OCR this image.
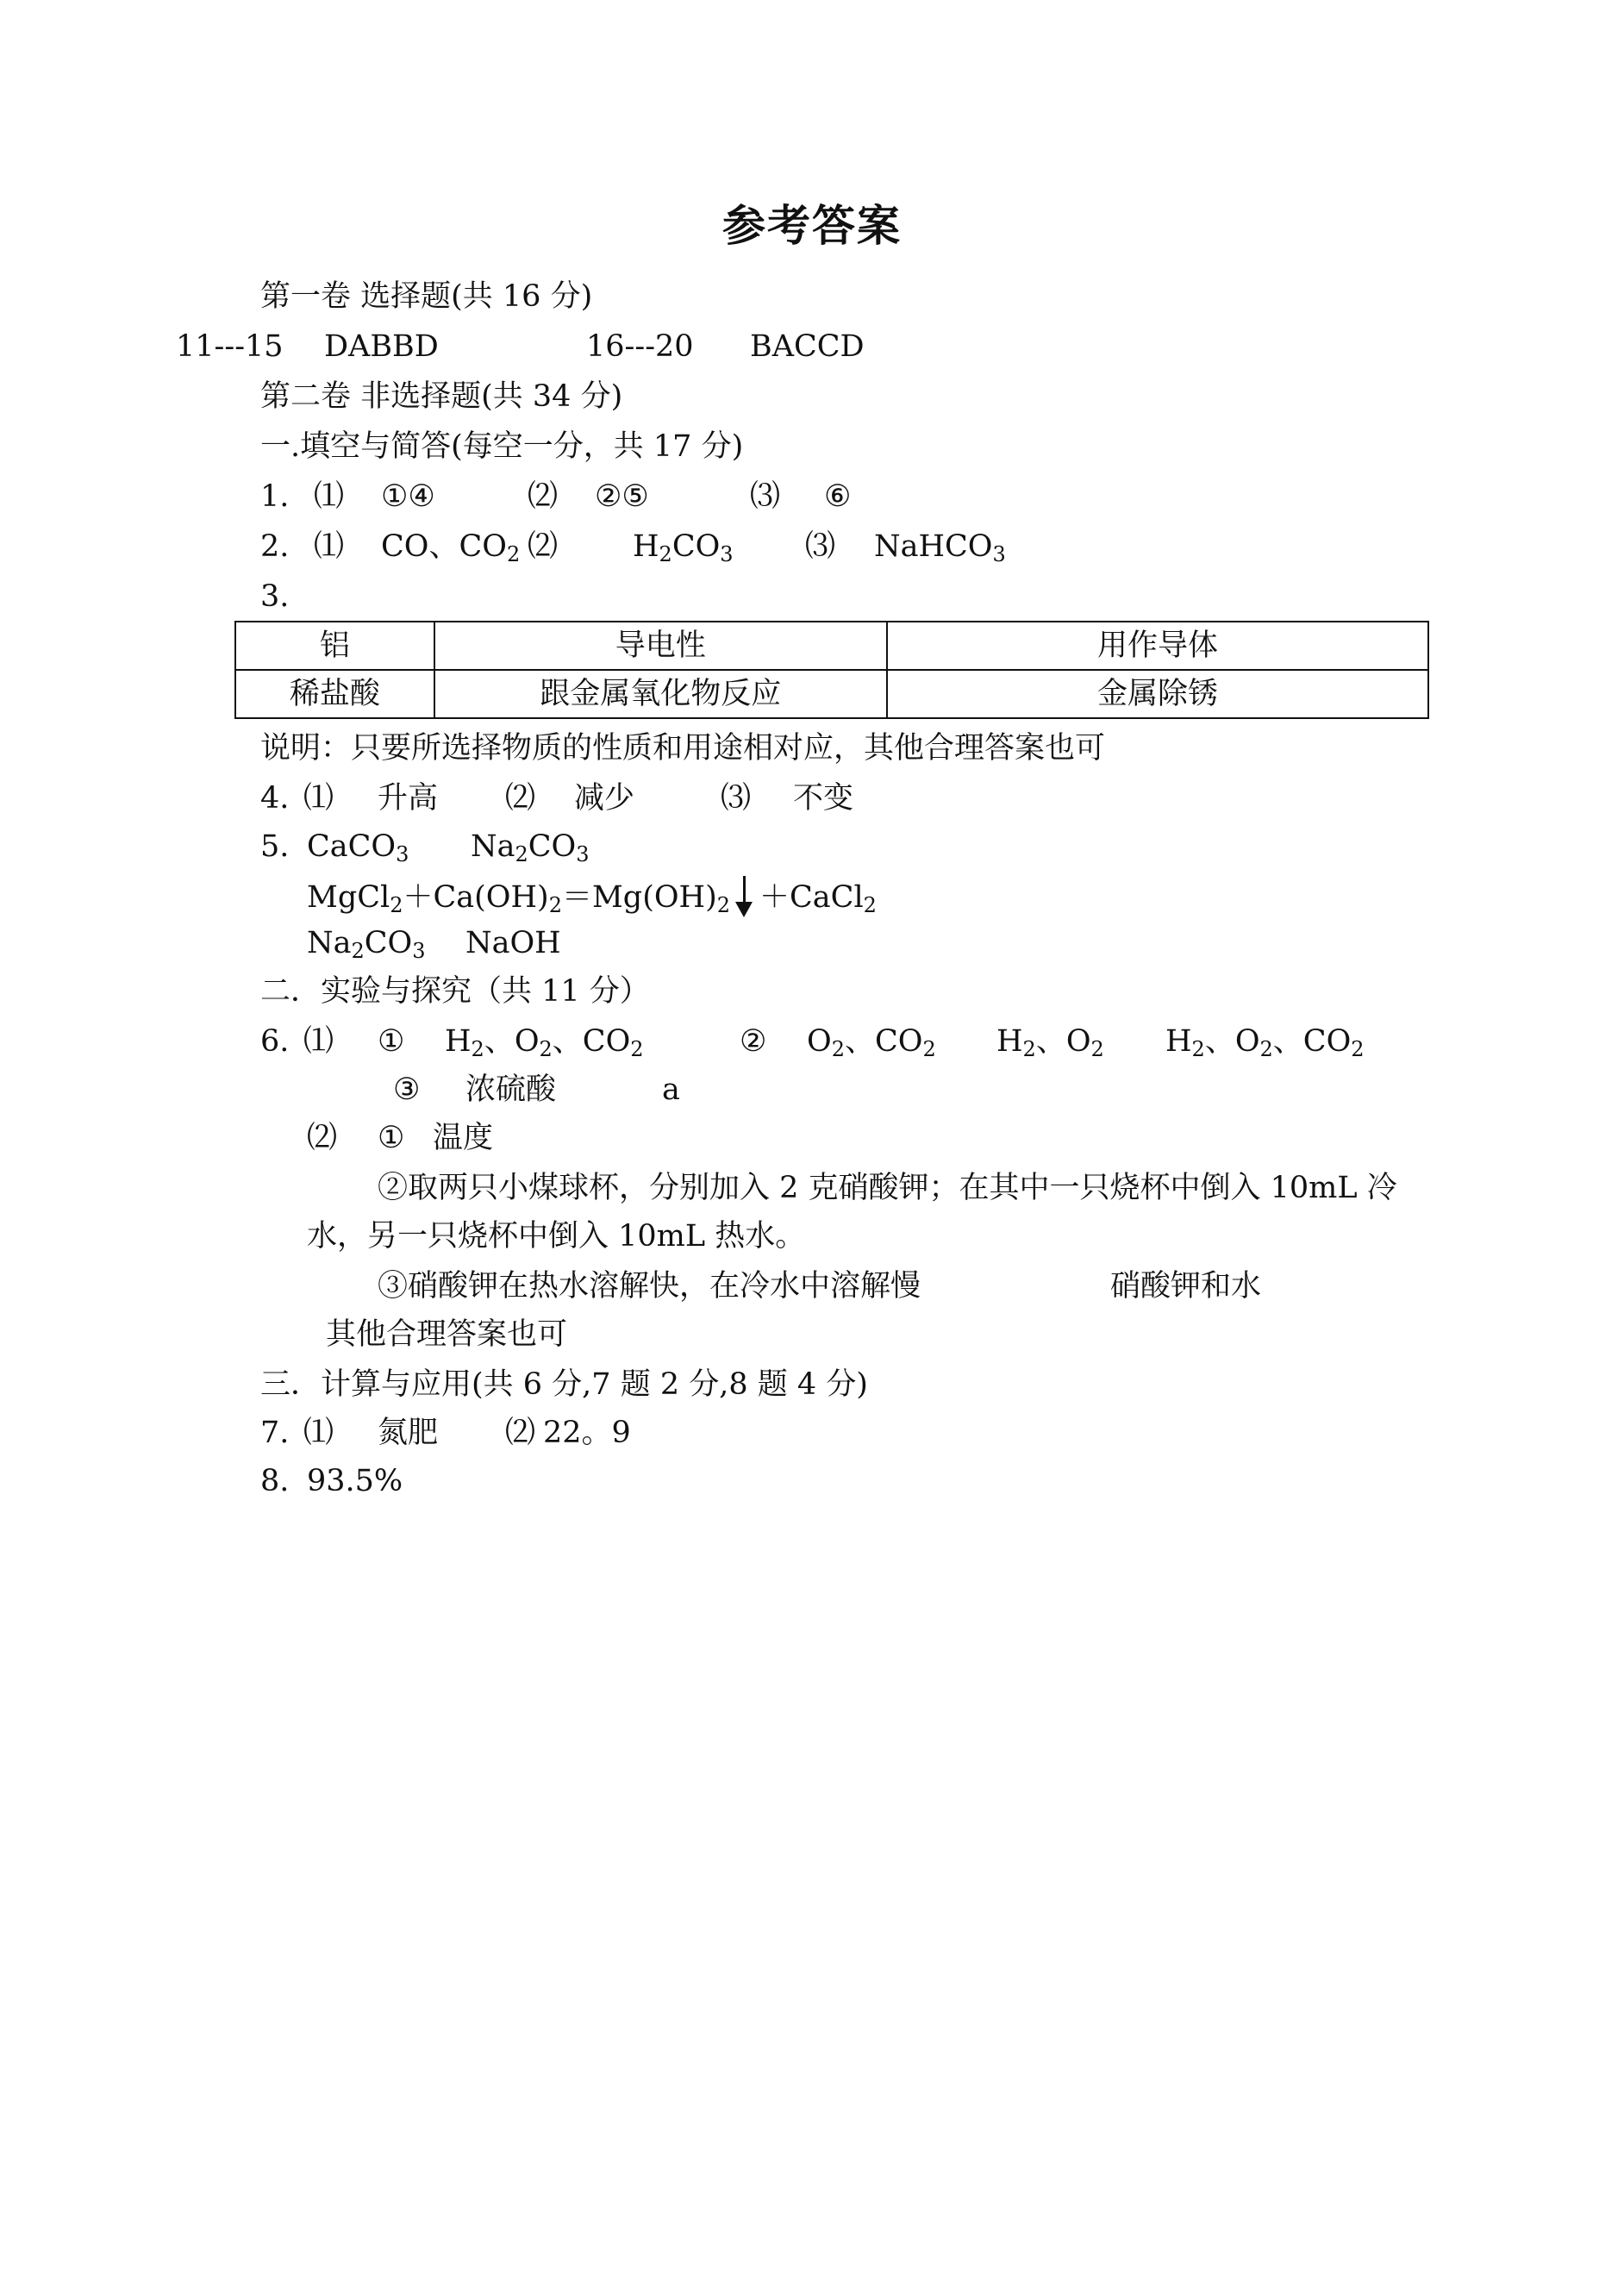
参考答案
第一卷 选择题(共 16 分)
11---15 DABBD	16---20 BACCD
第二卷 非选择题(共 34 分)
一.填空与简答(每空一分，共 17 分)
1. ⑴ ①④	⑵ ②⑤	⑶ ⑥
2. ⑴ CO、$CO_2$ ⑵ $H_2CO_3$ ⑶ NaHCO$_3$
3.
铝	导电性	用作导体
稀盐酸	跟金属氧化物反应	金属除锈
说明：只要所选择物质的性质和用途相对应，其他合理答案也可
4. ⑴ 升高 ⑵ 减少	⑶ 不变
5. CaCO$_3$ $Na_2CO_3$
$MgCl_2+Ca(OH)_2=Mg(OH)_2$ ＋CaCl$_2$
$Na_2CO_3$ NaOH
二．实验与探究（共 11 分）
6. ⑴ ① $H_2$、$O_2$、$CO_2$	② $O_2$、$CO_2$ $H_2$、$O_2$ $H_2$、$O_2$、$CO_2$
③ 浓硫酸	a
⑵ ① 温度
②取两只小煤球杯，分别加入 2 克硝酸钾；在其中一只烧杯中倒入 10mL 冷
水，另一只烧杯中倒入 10mL 热水。
③硝酸钾在热水溶解快，在冷水中溶解慢	硝酸钾和水
其他合理答案也可
三．计算与应用(共 6 分,7 题 2 分,8 题 4 分)
7. ⑴ 氮肥 ⑵ 22。9
8. 93.5%
